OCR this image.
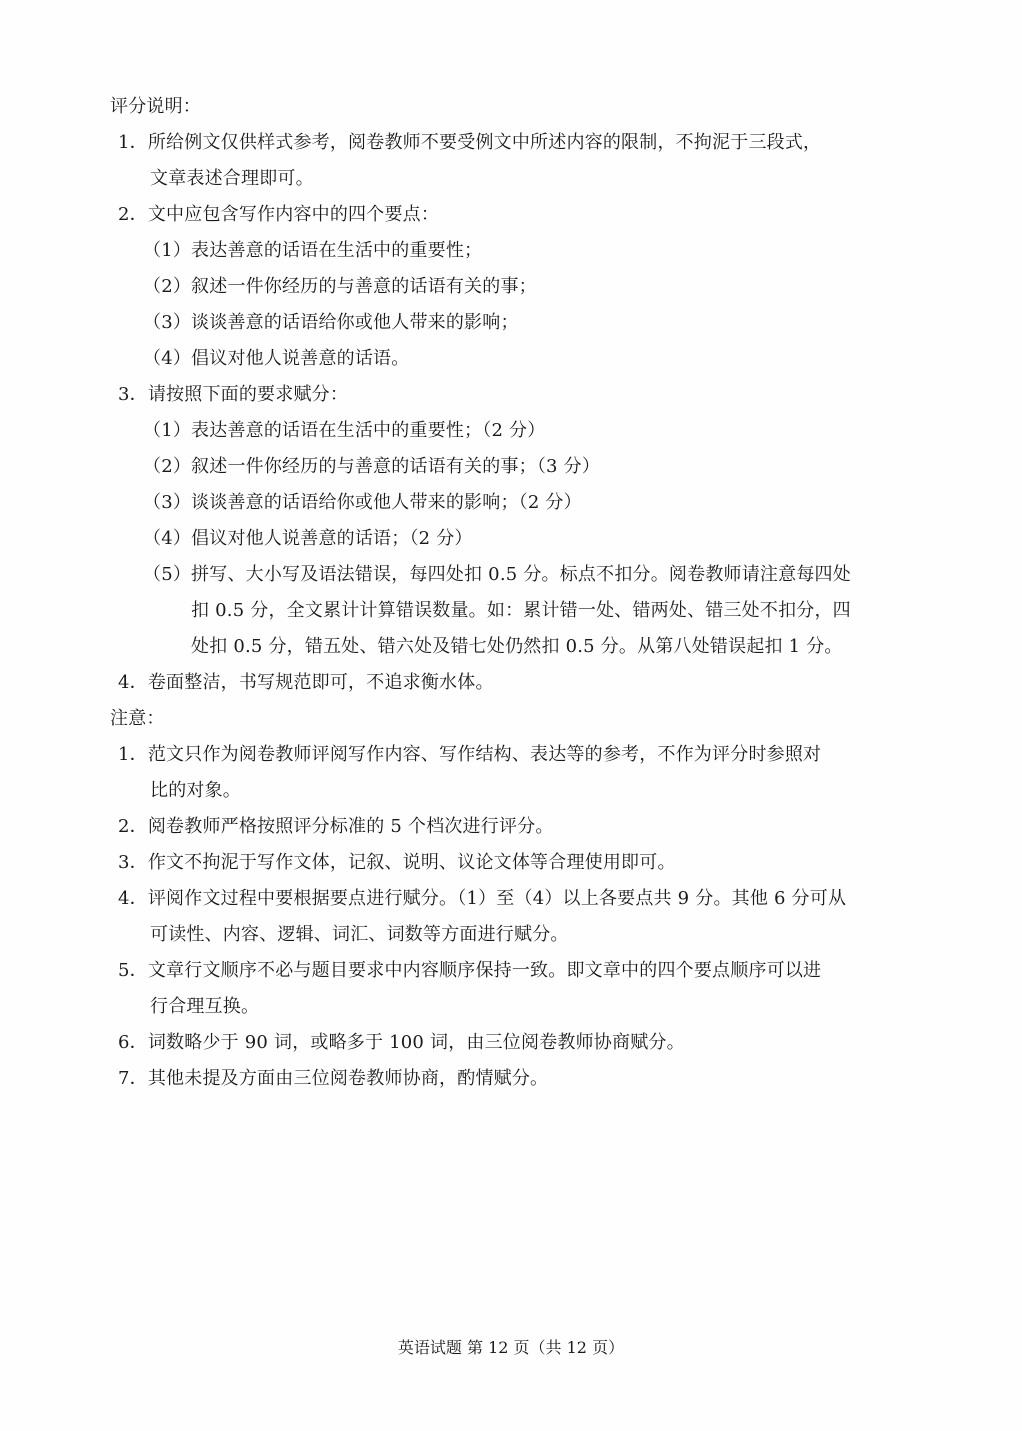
评分说明：
1．所给例文仅供样式参考，阅卷教师不要受例文中所述内容的限制，不拘泥于三段式，
文章表述合理即可。
2．文中应包含写作内容中的四个要点：
（1）表达善意的话语在生活中的重要性；
（2）叙述一件你经历的与善意的话语有关的事；
（3）谈谈善意的话语给你或他人带来的影响；
（4）倡议对他人说善意的话语。
3．请按照下面的要求赋分：
（1）表达善意的话语在生活中的重要性；（2 分）
（2）叙述一件你经历的与善意的话语有关的事；（3 分）
（3）谈谈善意的话语给你或他人带来的影响；（2 分）
（4）倡议对他人说善意的话语；（2 分）
（5）拼写、大小写及语法错误，每四处扣 0.5 分。标点不扣分。阅卷教师请注意每四处
扣 0.5 分，全文累计计算错误数量。如：累计错一处、错两处、错三处不扣分，四
处扣 0.5 分，错五处、错六处及错七处仍然扣 0.5 分。从第八处错误起扣 1 分。
4．卷面整洁，书写规范即可，不追求衡水体。
注意：
1．范文只作为阅卷教师评阅写作内容、写作结构、表达等的参考，不作为评分时参照对
比的对象。
2．阅卷教师严格按照评分标准的 5 个档次进行评分。
3．作文不拘泥于写作文体，记叙、说明、议论文体等合理使用即可。
4．评阅作文过程中要根据要点进行赋分。（1）至（4）以上各要点共 9 分。其他 6 分可从
可读性、内容、逻辑、词汇、词数等方面进行赋分。
5．文章行文顺序不必与题目要求中内容顺序保持一致。即文章中的四个要点顺序可以进
行合理互换。
6．词数略少于 90 词，或略多于 100 词，由三位阅卷教师协商赋分。
7．其他未提及方面由三位阅卷教师协商，酌情赋分。
英语试题 第 12 页（共 12 页）
